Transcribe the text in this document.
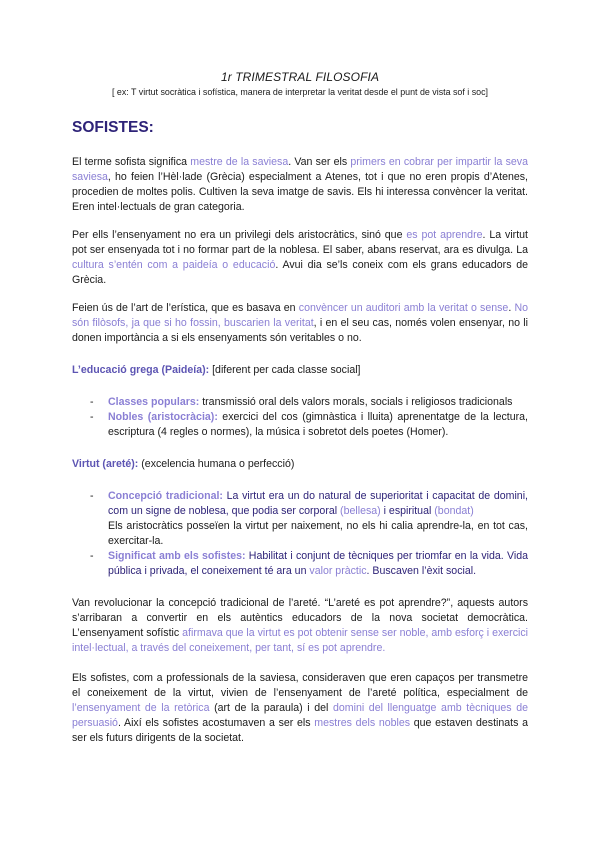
1r TRIMESTRAL FILOSOFIA

[ ex: T virtut socràtica i sofística, manera de interpretar la veritat desde el punt de vista sof i soc]

SOFISTES:

El terme sofista significa mestre de la saviesa. Van ser els primers en cobrar per impartir la seva saviesa, ho feien l’Hèl·lade (Grècia) especialment a Atenes, tot i que no eren propis d’Atenes, procedien de moltes polis. Cultiven la seva imatge de savis. Els hi interessa convèncer la veritat. Eren intel·lectuals de gran categoria.

Per ells l’ensenyament no era un privilegi dels aristocràtics, sinó que es pot aprendre. La virtut pot ser ensenyada tot i no formar part de la noblesa. El saber, abans reservat, ara es divulga. La cultura s’entén com a paideía o educació. Avui dia se’ls coneix com els grans educadors de Grècia.

Feien ús de l’art de l’erística, que es basava en convèncer un auditori amb la veritat o sense. No són filòsofs, ja que si ho fossin, buscarien la veritat, i en el seu cas, només volen ensenyar, no li donen importància a si els ensenyaments són veritables o no.

L’educació grega (Paideía): [diferent per cada classe social]

- Classes populars: transmissió oral dels valors morals, socials i religiosos tradicionals
- Nobles (aristocràcia): exercici del cos (gimnàstica i lluita) aprenentatge de la lectura, escriptura (4 regles o normes), la música i sobretot dels poetes (Homer).

Virtut (areté): (excelencia humana o perfecció)

- Concepció tradicional: La virtut era un do natural de superioritat i capacitat de domini, com un signe de noblesa, que podia ser corporal (bellesa) i espiritual (bondat)
Els aristocràtics posseïen la virtut per naixement, no els hi calia aprendre-la, en tot cas, exercitar-la.
- Significat amb els sofistes: Habilitat i conjunt de tècniques per triomfar en la vida. Vida pública i privada, el coneixement té ara un valor pràctic. Buscaven l’èxit social.

Van revolucionar la concepció tradicional de l’areté. “L’areté es pot aprendre?”, aquests autors s’arribaran a convertir en els autèntics educadors de la nova societat democràtica. L’ensenyament sofístic afirmava que la virtut es pot obtenir sense ser noble, amb esforç i exercici intel·lectual, a través del coneixement, per tant, sí es pot aprendre.

Els sofistes, com a professionals de la saviesa, consideraven que eren capaços per transmetre el coneixement de la virtut, vivien de l’ensenyament de l’areté política, especialment de l’ensenyament de la retòrica (art de la paraula) i del domini del llenguatge amb tècniques de persuasió. Així els sofistes acostumaven a ser els mestres dels nobles que estaven destinats a ser els futurs dirigents de la societat.
